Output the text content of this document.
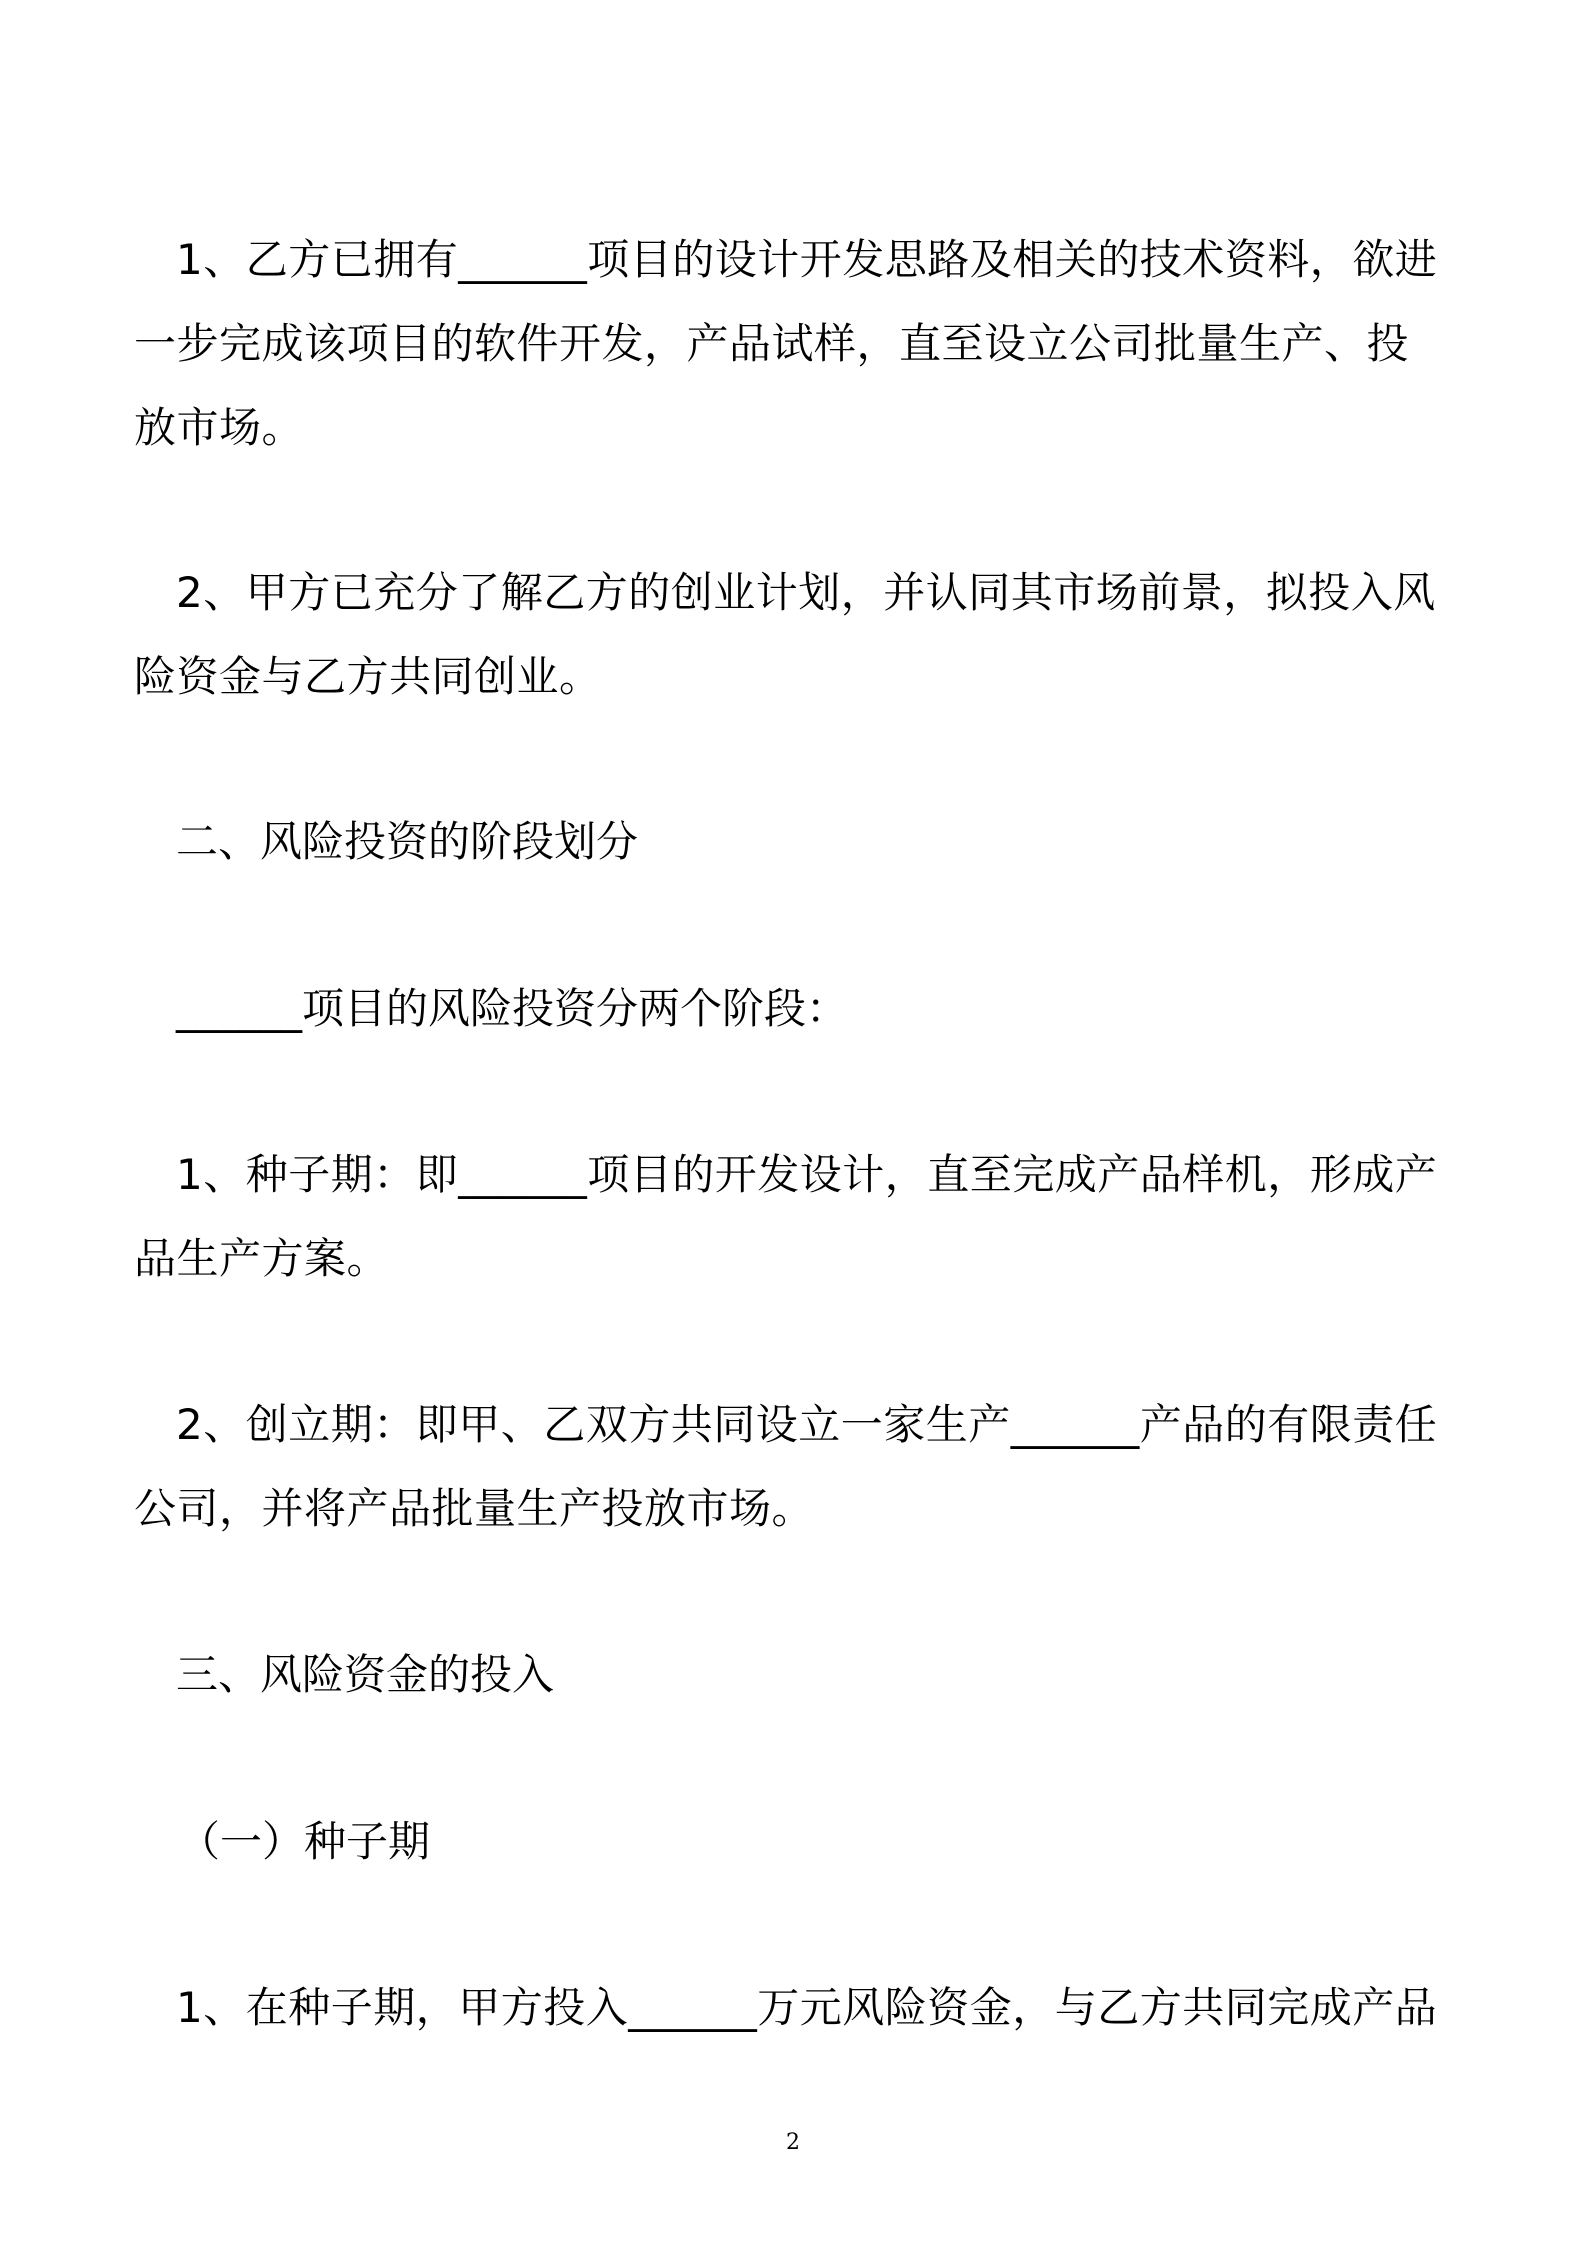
1、乙方已拥有______项目的设计开发思路及相关的技术资料，欲进
一步完成该项目的软件开发，产品试样，直至设立公司批量生产、投
放市场。
2、甲方已充分了解乙方的创业计划，并认同其市场前景，拟投入风
险资金与乙方共同创业。
二、风险投资的阶段划分
______项目的风险投资分两个阶段：
1、种子期：即______项目的开发设计，直至完成产品样机，形成产
品生产方案。
2、创立期：即甲、乙双方共同设立一家生产______产品的有限责任
公司，并将产品批量生产投放市场。
三、风险资金的投入
（一）种子期
1、在种子期，甲方投入______万元风险资金，与乙方共同完成产品
2
